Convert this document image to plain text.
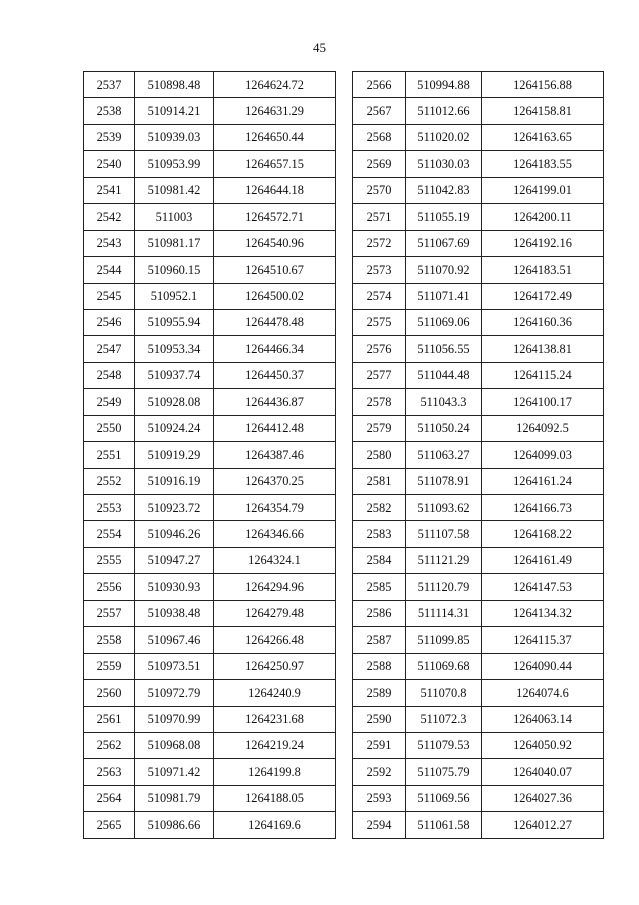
45
2537	510898.48	1264624.72
2538	510914.21	1264631.29
2539	510939.03	1264650.44
2540	510953.99	1264657.15
2541	510981.42	1264644.18
2542	511003	1264572.71
2543	510981.17	1264540.96
2544	510960.15	1264510.67
2545	510952.1	1264500.02
2546	510955.94	1264478.48
2547	510953.34	1264466.34
2548	510937.74	1264450.37
2549	510928.08	1264436.87
2550	510924.24	1264412.48
2551	510919.29	1264387.46
2552	510916.19	1264370.25
2553	510923.72	1264354.79
2554	510946.26	1264346.66
2555	510947.27	1264324.1
2556	510930.93	1264294.96
2557	510938.48	1264279.48
2558	510967.46	1264266.48
2559	510973.51	1264250.97
2560	510972.79	1264240.9
2561	510970.99	1264231.68
2562	510968.08	1264219.24
2563	510971.42	1264199.8
2564	510981.79	1264188.05
2565	510986.66	1264169.6
2566	510994.88	1264156.88
2567	511012.66	1264158.81
2568	511020.02	1264163.65
2569	511030.03	1264183.55
2570	511042.83	1264199.01
2571	511055.19	1264200.11
2572	511067.69	1264192.16
2573	511070.92	1264183.51
2574	511071.41	1264172.49
2575	511069.06	1264160.36
2576	511056.55	1264138.81
2577	511044.48	1264115.24
2578	511043.3	1264100.17
2579	511050.24	1264092.5
2580	511063.27	1264099.03
2581	511078.91	1264161.24
2582	511093.62	1264166.73
2583	511107.58	1264168.22
2584	511121.29	1264161.49
2585	511120.79	1264147.53
2586	511114.31	1264134.32
2587	511099.85	1264115.37
2588	511069.68	1264090.44
2589	511070.8	1264074.6
2590	511072.3	1264063.14
2591	511079.53	1264050.92
2592	511075.79	1264040.07
2593	511069.56	1264027.36
2594	511061.58	1264012.27
